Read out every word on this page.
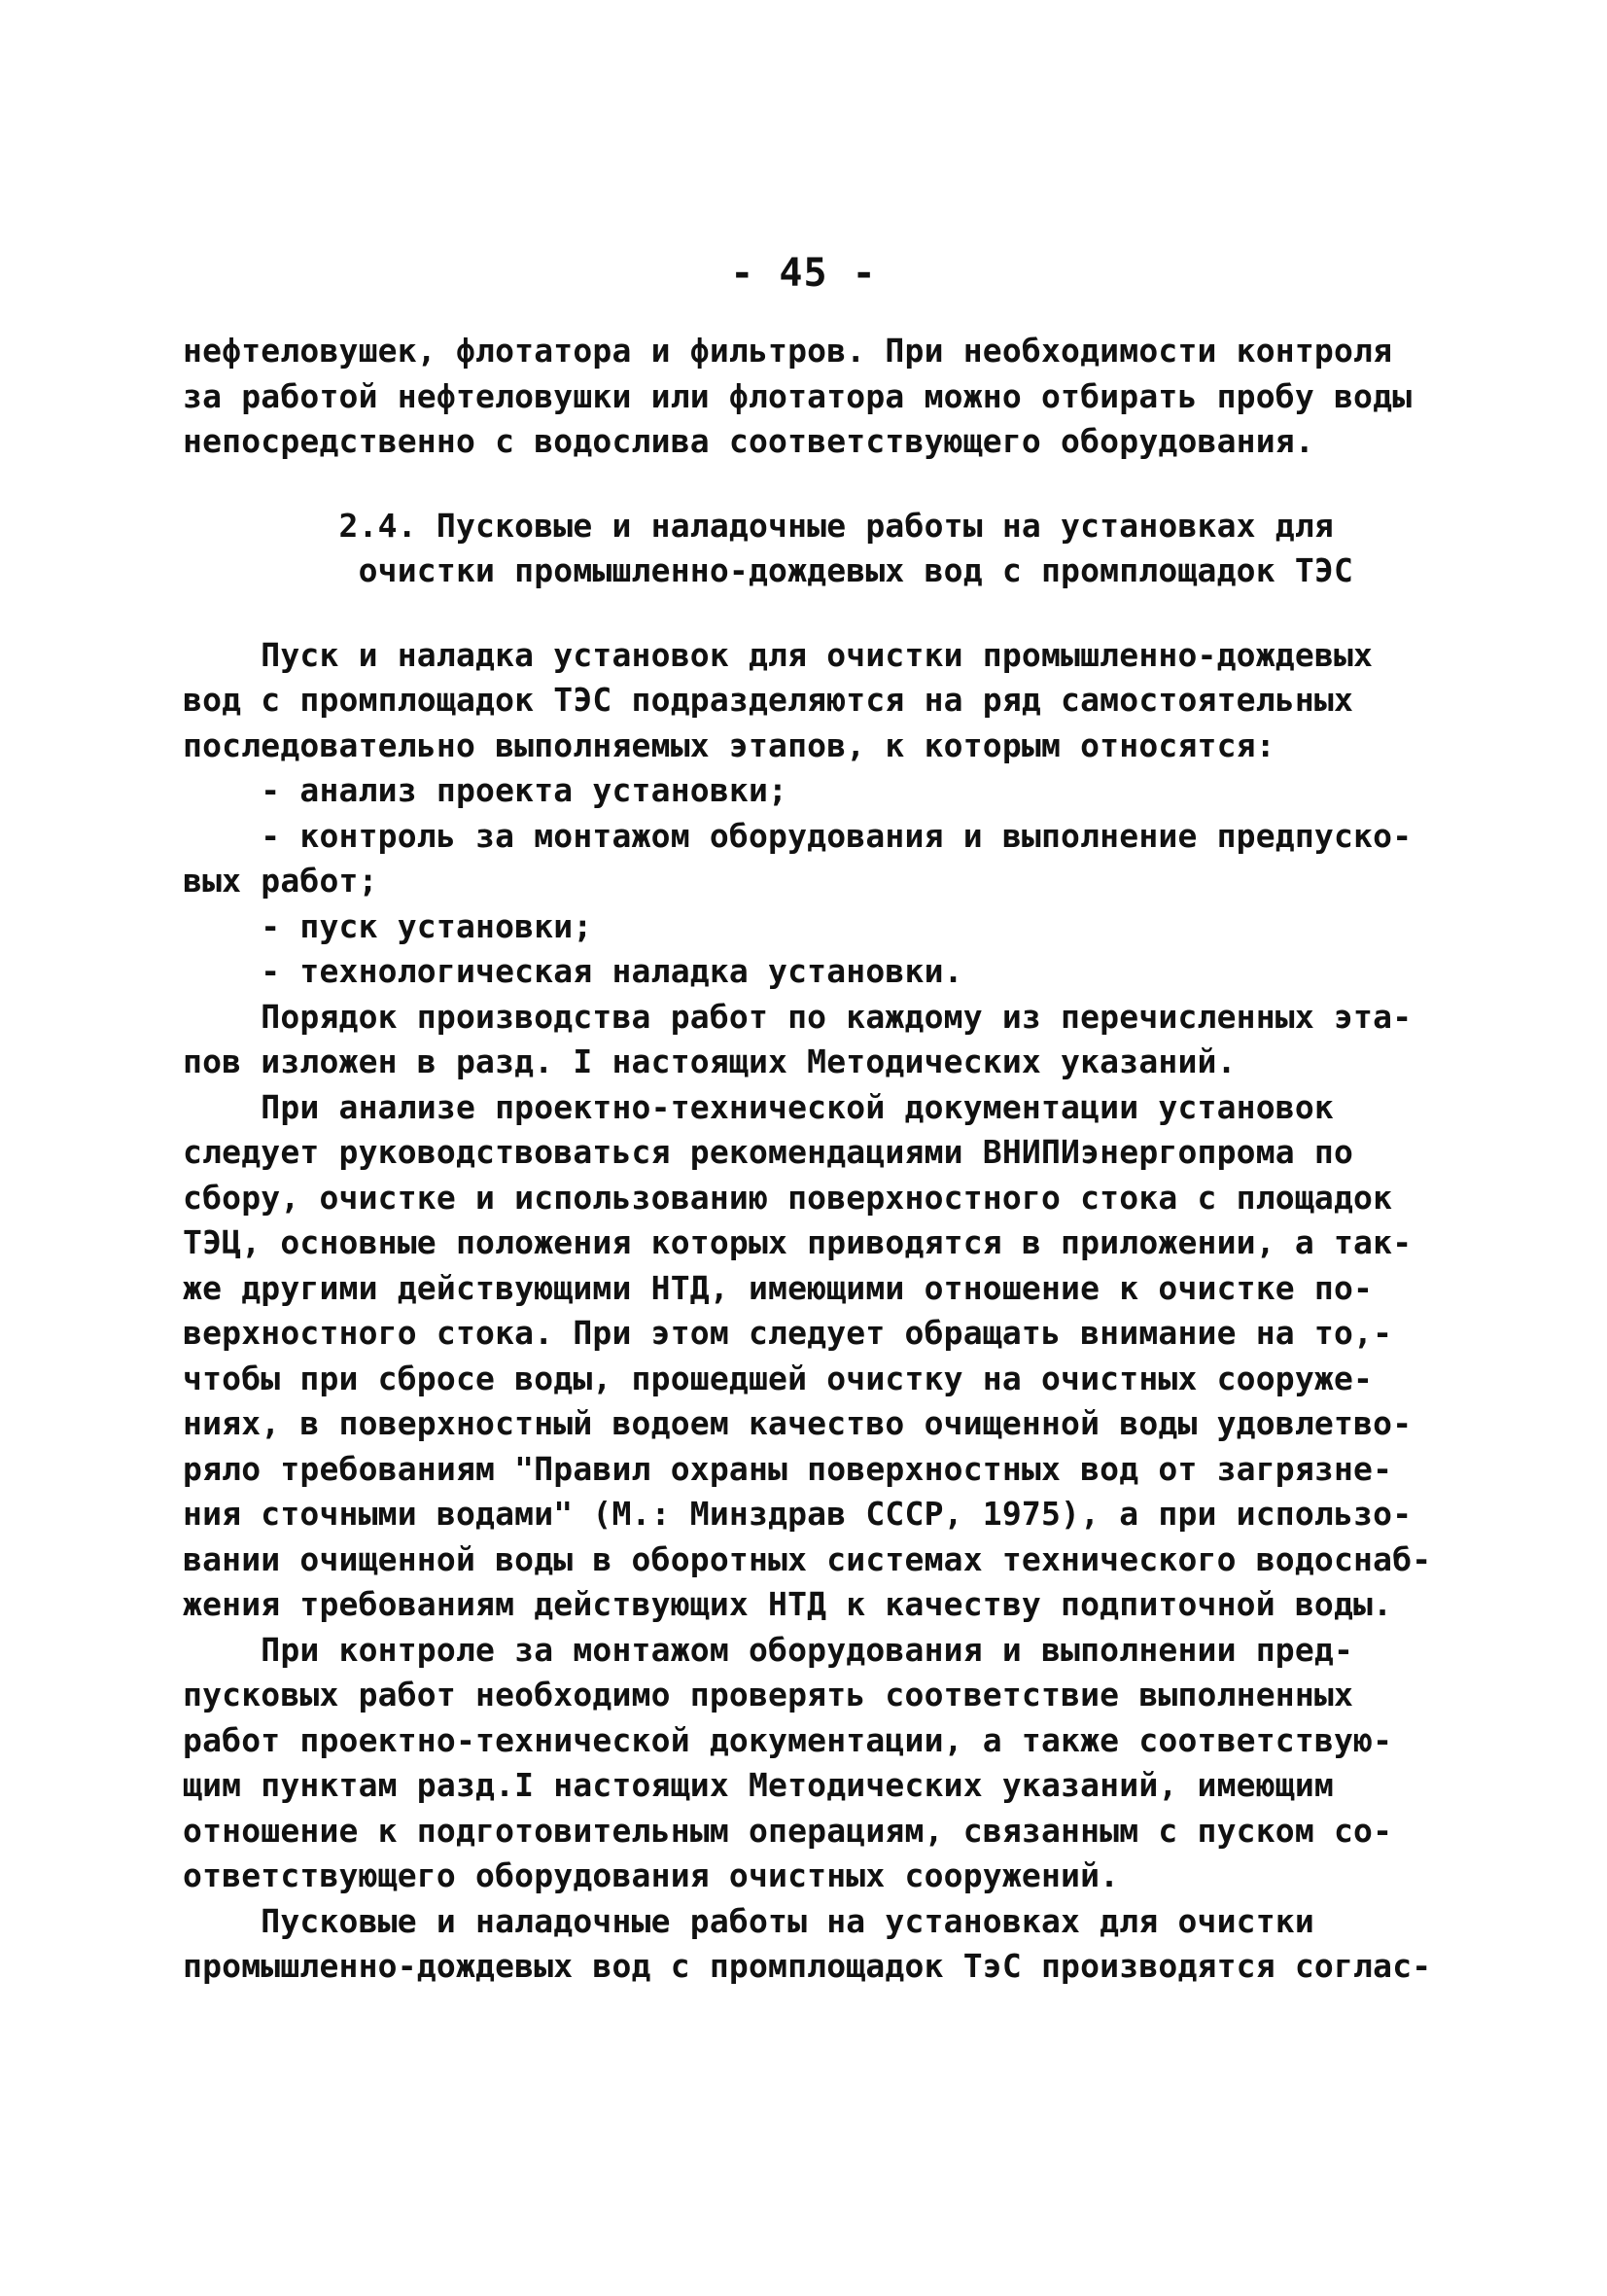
- 45 -
нефтеловушек, флотатора и фильтров. При необходимости контроля
за работой нефтеловушки или флотатора можно отбирать пробу воды
непосредственно с водослива соответствующего оборудования.
2.4. Пусковые и наладочные работы на установках для
очистки промышленно-дождевых вод с промплощадок ТЭС
Пуск и наладка установок для очистки промышленно-дождевых
вод с промплощадок ТЭС подразделяются на ряд самостоятельных
последовательно выполняемых этапов, к которым относятся:
- анализ проекта установки;
- контроль за монтажом оборудования и выполнение предпуско-
вых работ;
- пуск установки;
- технологическая наладка установки.
Порядок производства работ по каждому из перечисленных эта-
пов изложен в разд. I настоящих Методических указаний.
При анализе проектно-технической документации установок
следует руководствоваться рекомендациями ВНИПИэнергопрома по
сбору, очистке и использованию поверхностного стока с площадок
ТЭЦ, основные положения которых приводятся в приложении, а так-
же другими действующими НТД, имеющими отношение к очистке по-
верхностного стока. При этом следует обращать внимание на то,-
чтобы при сбросе воды, прошедшей очистку на очистных сооруже-
ниях, в поверхностный водоем качество очищенной воды удовлетво-
ряло требованиям "Правил охраны поверхностных вод от загрязне-
ния сточными водами" (М.: Минздрав СССР, 1975), а при использо-
вании очищенной воды в оборотных системах технического водоснаб-
жения требованиям действующих НТД к качеству подпиточной воды.
При контроле за монтажом оборудования и выполнении пред-
пусковых работ необходимо проверять соответствие выполненных
работ проектно-технической документации, а также соответствую-
щим пунктам разд.I настоящих Методических указаний, имеющим
отношение к подготовительным операциям, связанным с пуском со-
ответствующего оборудования очистных сооружений.
Пусковые и наладочные работы на установках для очистки
промышленно-дождевых вод с промплощадок ТэС производятся соглас-
